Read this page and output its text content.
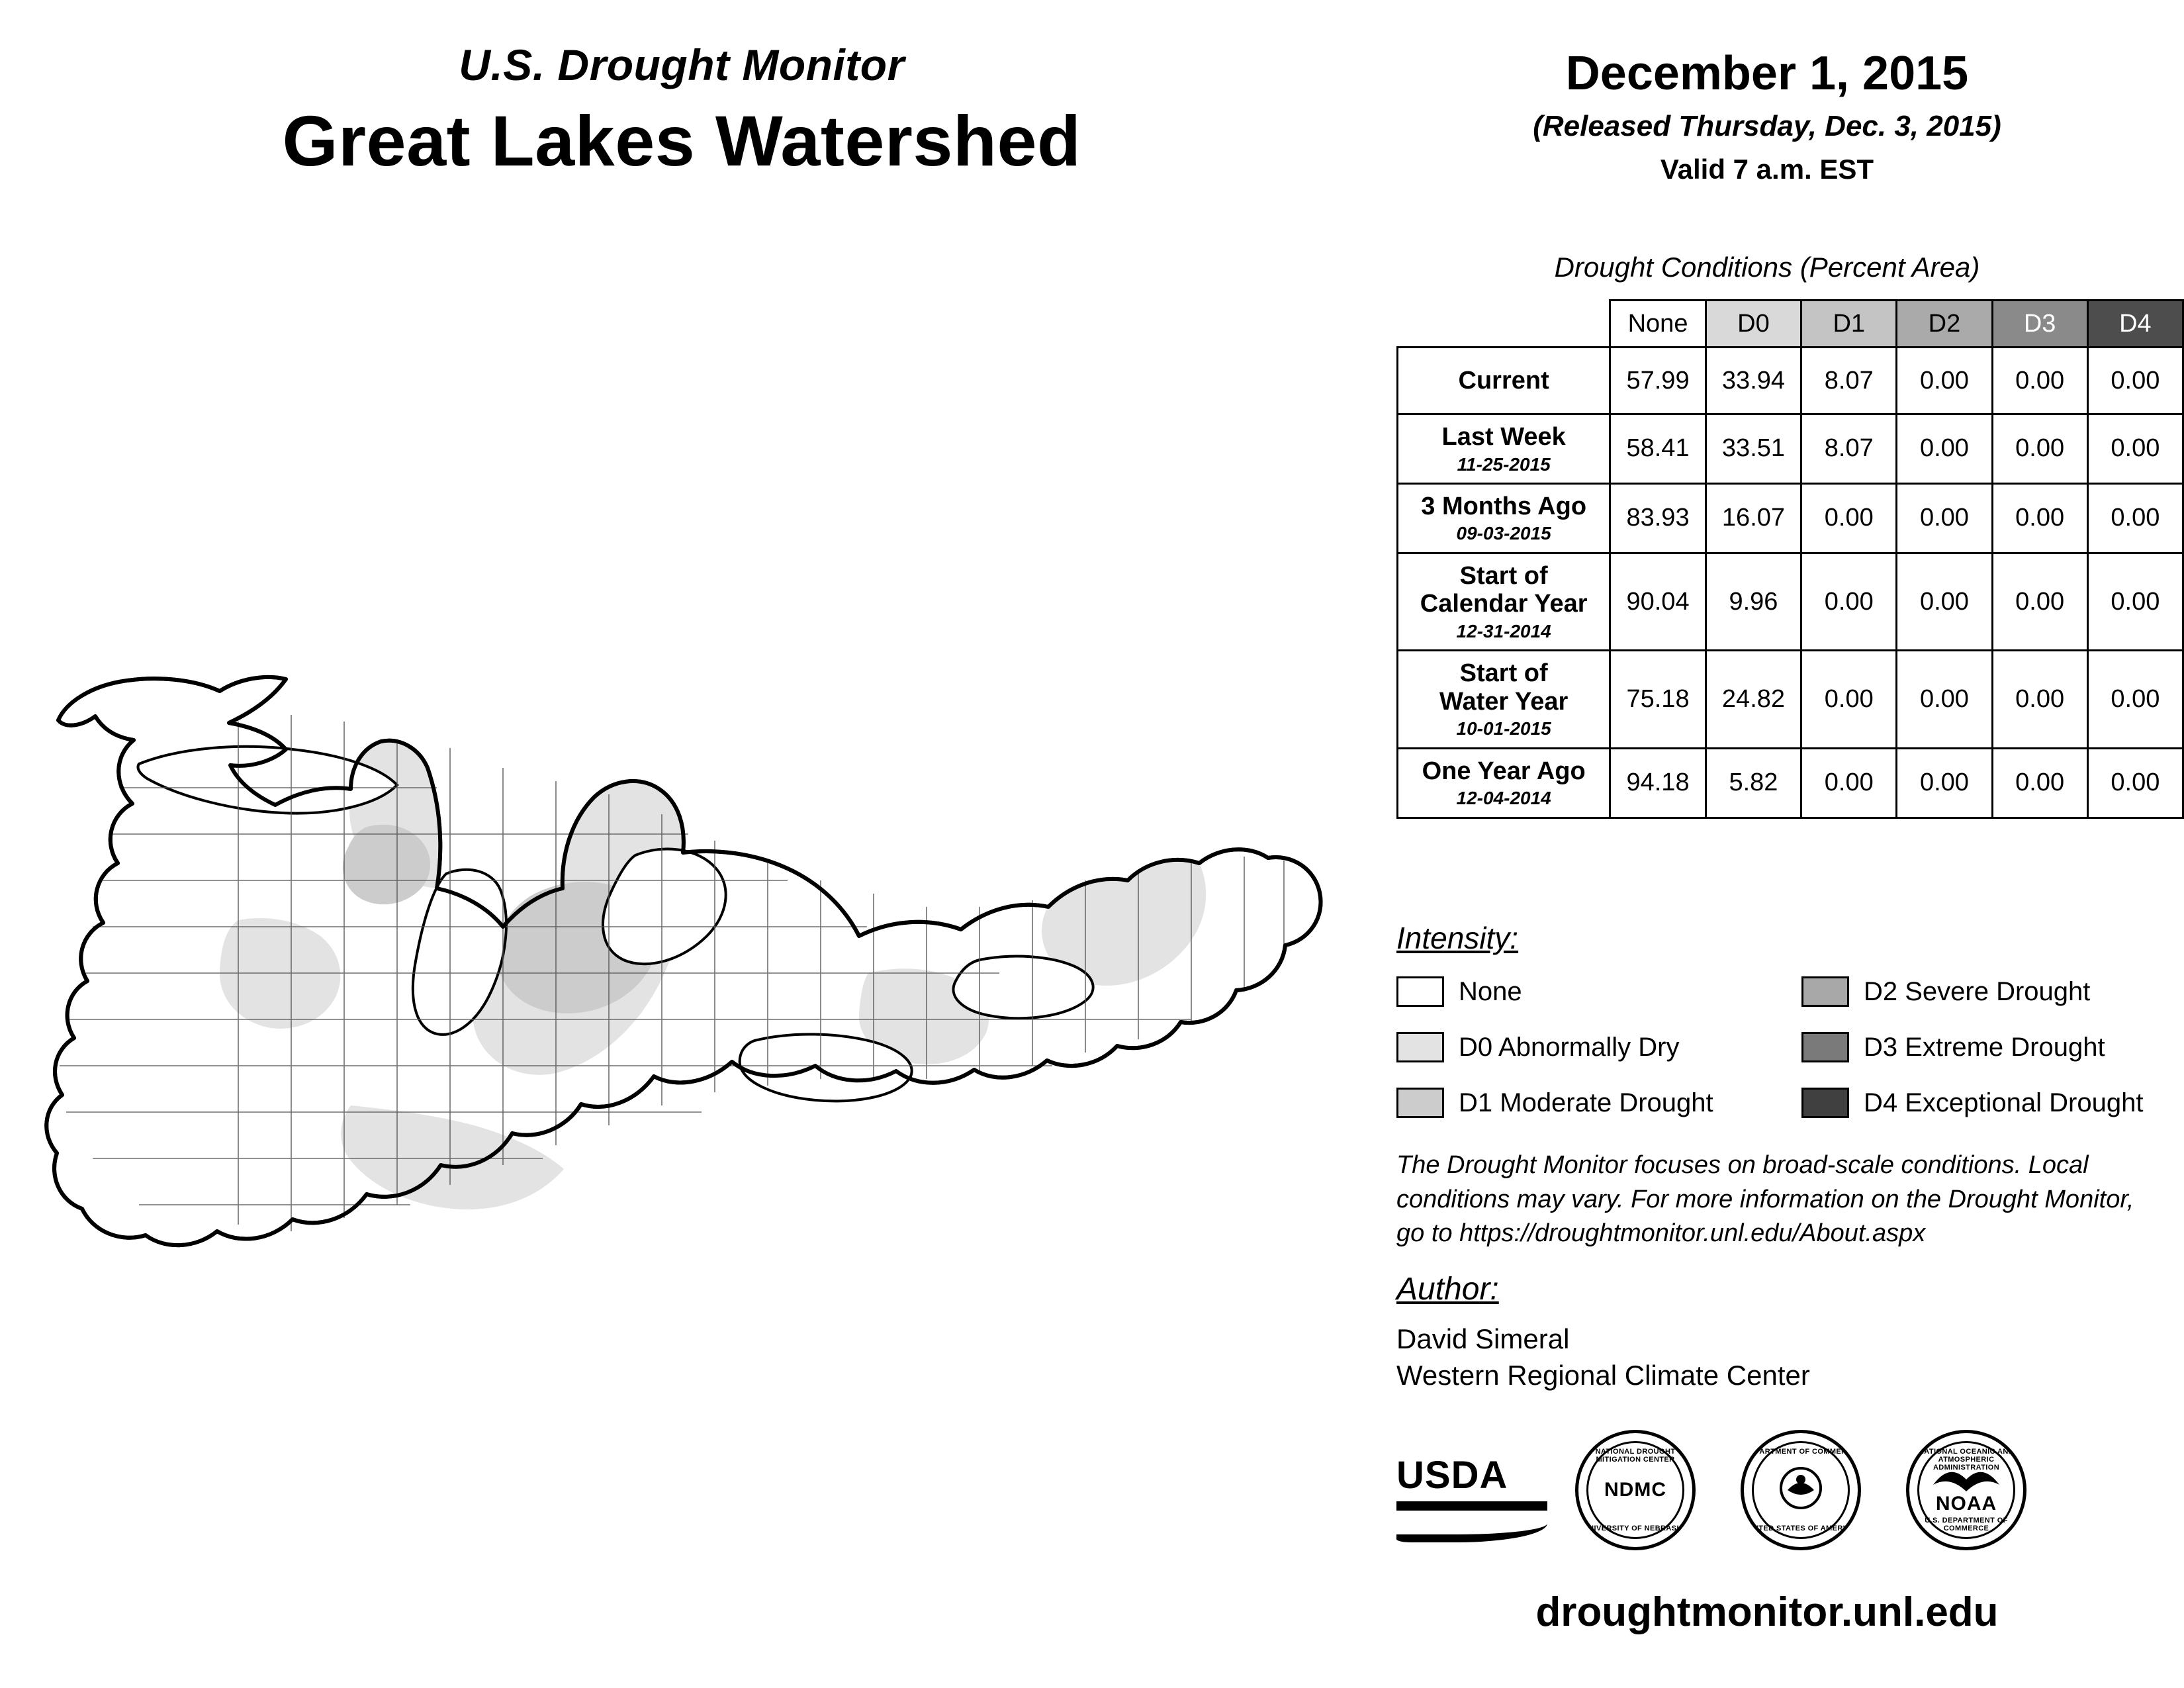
U.S. Drought Monitor
Great Lakes Watershed
December 1, 2015
(Released Thursday, Dec. 3, 2015)
Valid 7 a.m. EST
Drought Conditions (Percent Area)
	None	D0	D1	D2	D3	D4

Current	57.99	33.94	8.07	0.00	0.00	0.00

Last Week
11-25-2015	58.41	33.51	8.07	0.00	0.00	0.00

3 Months Ago
09-03-2015	83.93	16.07	0.00	0.00	0.00	0.00

Start of
Calendar Year
12-31-2014	90.04	9.96	0.00	0.00	0.00	0.00

Start of
Water Year
10-01-2015	75.18	24.82	0.00	0.00	0.00	0.00

One Year Ago
12-04-2014	94.18	5.82	0.00	0.00	0.00	0.00
Intensity:
None
D0 Abnormally Dry
D1 Moderate Drought
D2 Severe Drought
D3 Extreme Drought
D4 Exceptional Drought
The Drought Monitor focuses on broad-scale conditions. Local conditions may vary. For more information on the Drought Monitor, go to https://droughtmonitor.unl.edu/About.aspx
Author:
David Simeral
Western Regional Climate Center
USDA
NATIONAL DROUGHT MITIGATION CENTER
NDMC
UNIVERSITY OF NEBRASKA
DEPARTMENT OF COMMERCE
UNITED STATES OF AMERICA
NATIONAL OCEANIC AND ATMOSPHERIC ADMINISTRATION
NOAA
U.S. DEPARTMENT OF COMMERCE
droughtmonitor.unl.edu
